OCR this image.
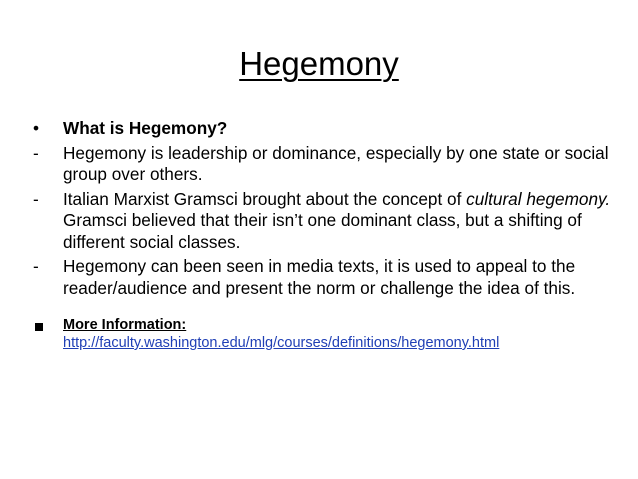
Hegemony
•	What is Hegemony?
-	Hegemony is leadership or dominance, especially by one state or social group over others.
-	Italian Marxist Gramsci brought about the concept of cultural hegemony. Gramsci believed that their isn’t one dominant class, but a shifting of different social classes.
-	Hegemony can been seen in media texts, it is used to appeal to the reader/audience and present the norm or challenge the idea of this.
More Information:
http://faculty.washington.edu/mlg/courses/definitions/hegemony.html
